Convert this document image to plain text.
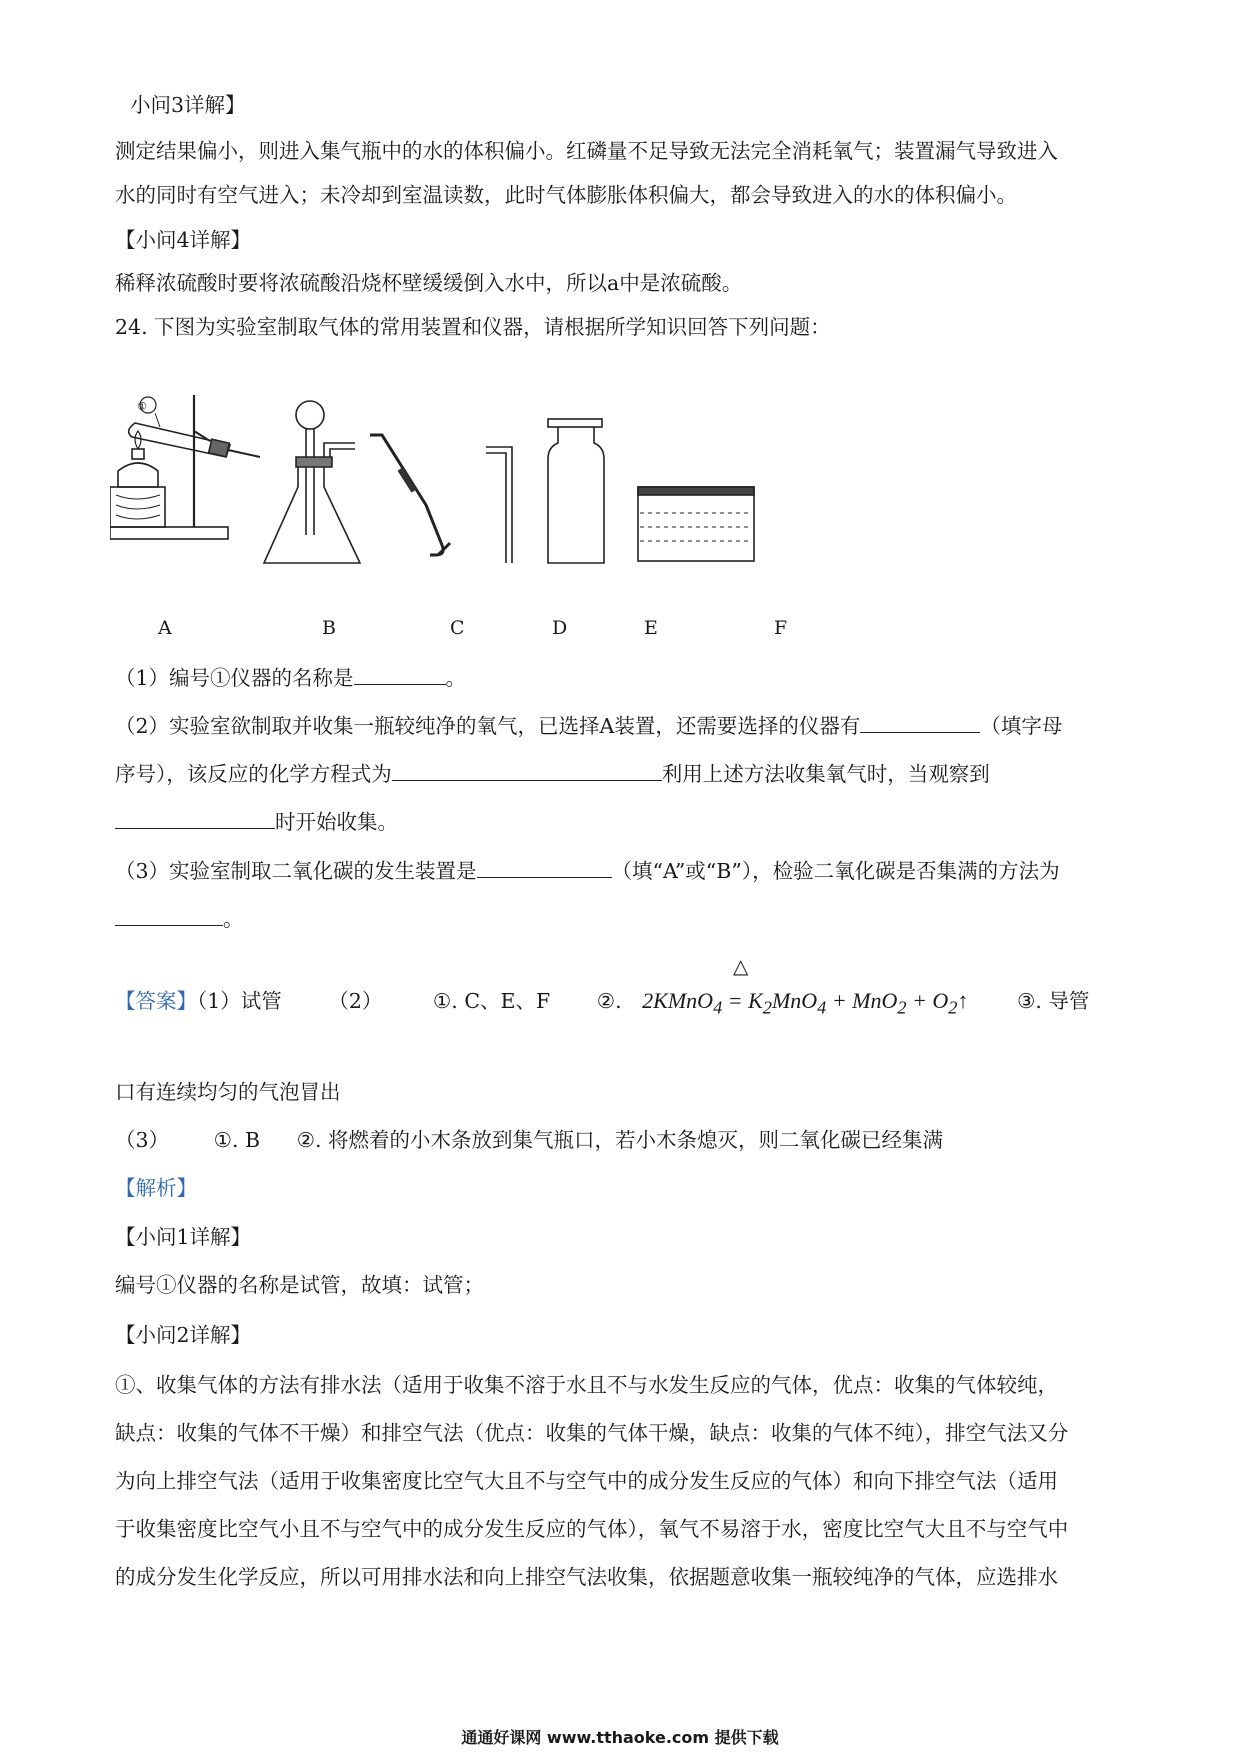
小问3详解】
测定结果偏小，则进入集气瓶中的水的体积偏小。红磷量不足导致无法完全消耗氧气；装置漏气导致进入
水的同时有空气进入；未冷却到室温读数，此时气体膨胀体积偏大，都会导致进入的水的体积偏小。
【小问4详解】
稀释浓硫酸时要将浓硫酸沿烧杯壁缓缓倒入水中，所以a中是浓硫酸。
24. 下图为实验室制取气体的常用装置和仪器，请根据所学知识回答下列问题：
①
A	B	C	D	E	F
（1）编号①仪器的名称是	。
（2）实验室欲制取并收集一瓶较纯净的氧气，已选择A装置，还需要选择的仪器有	（填字母
序号），该反应的化学方程式为	利用上述方法收集氧气时，当观察到
时开始收集。
（3）实验室制取二氧化碳的发生装置是	（填“A”或“B”），检验二氧化碳是否集满的方法为
。
△
【答案】（1）试管 （2） ①. C、E、F ②. 2KMnO$_4$ = $K_2MnO_4 + MnO_2$ + $O_2↑$ ③. 导管
口有连续均匀的气泡冒出
（3） ①. B ②. 将燃着的小木条放到集气瓶口，若小木条熄灭，则二氧化碳已经集满
【解析】
【小问1详解】
编号①仪器的名称是试管，故填：试管；
【小问2详解】
①、收集气体的方法有排水法（适用于收集不溶于水且不与水发生反应的气体，优点：收集的气体较纯，
缺点：收集的气体不干燥）和排空气法（优点：收集的气体干燥，缺点：收集的气体不纯），排空气法又分
为向上排空气法（适用于收集密度比空气大且不与空气中的成分发生反应的气体）和向下排空气法（适用
于收集密度比空气小且不与空气中的成分发生反应的气体），氧气不易溶于水，密度比空气大且不与空气中
的成分发生化学反应，所以可用排水法和向上排空气法收集，依据题意收集一瓶较纯净的气体，应选排水
通通好课网 www.tthaoke.com 提供下载
